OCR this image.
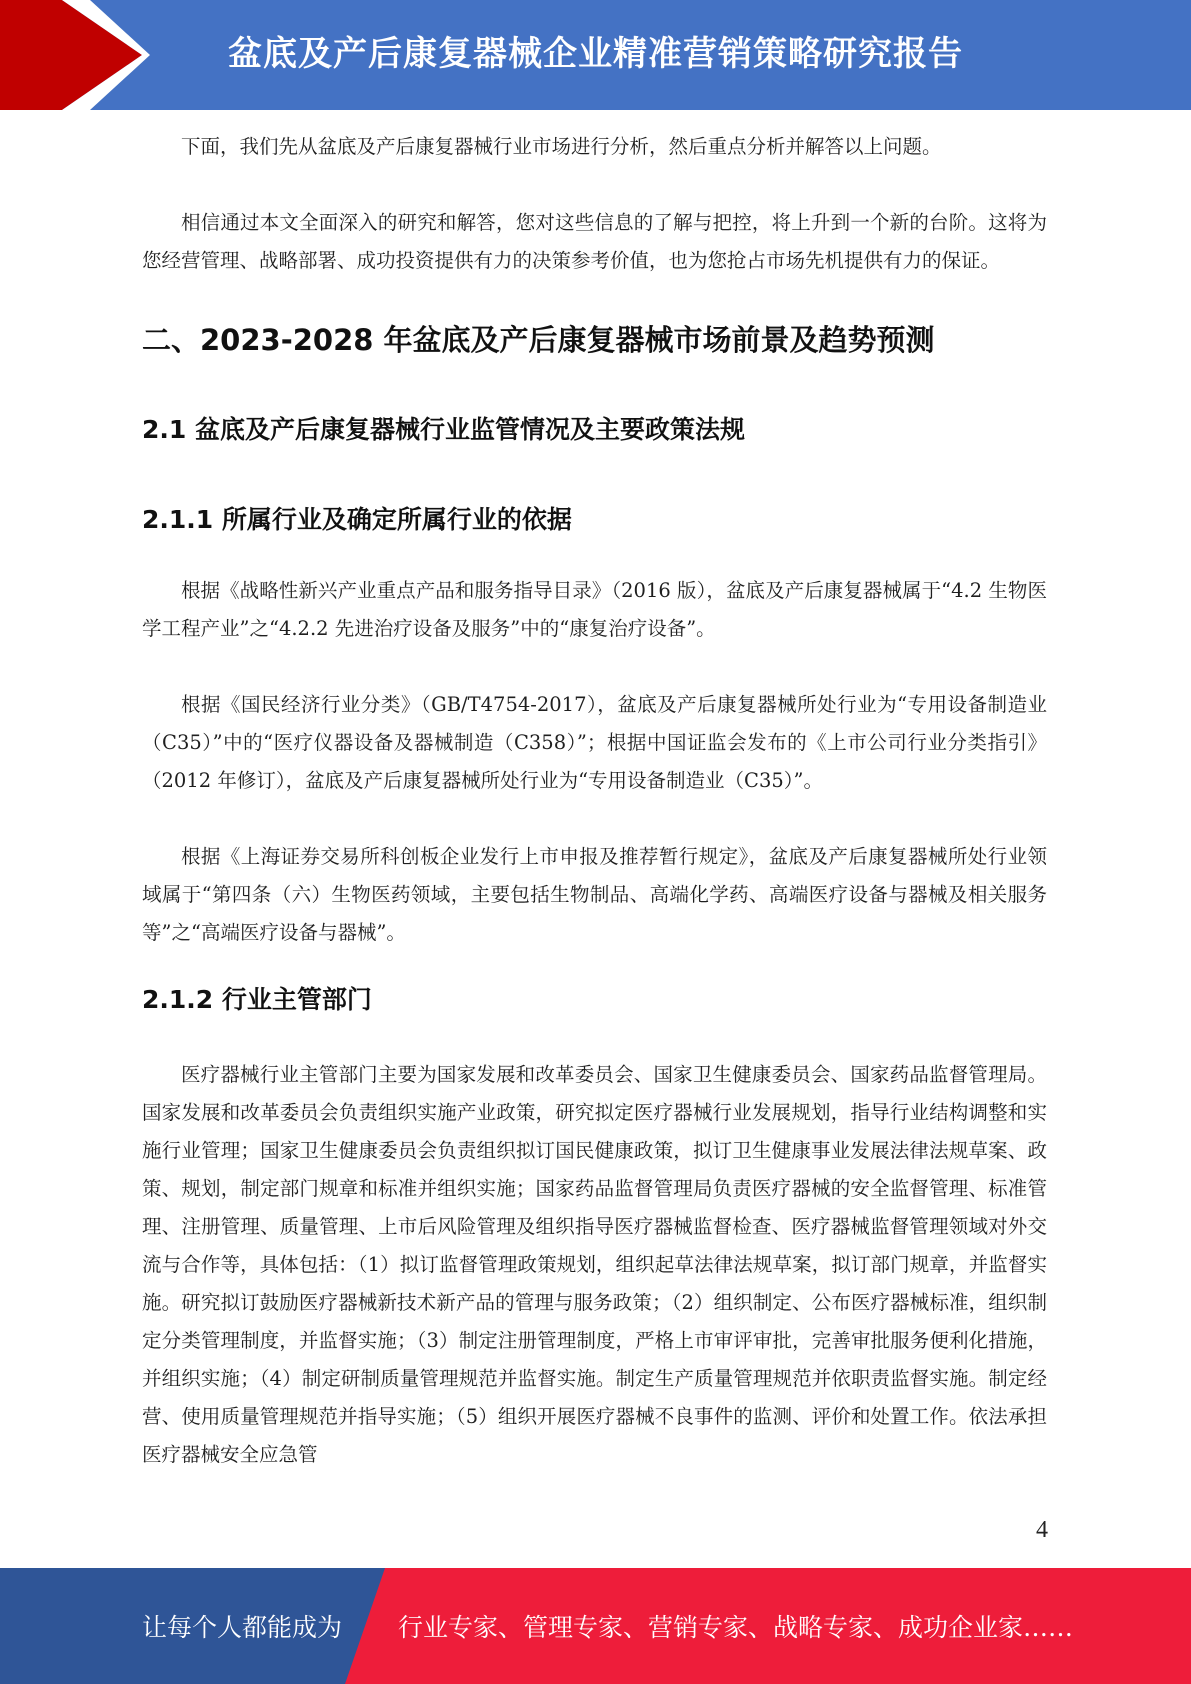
盆底及产后康复器械企业精准营销策略研究报告

下面，我们先从盆底及产后康复器械行业市场进行分析，然后重点分析并解答以上问题。

相信通过本文全面深入的研究和解答，您对这些信息的了解与把控，将上升到一个新的台阶。这将为您经营管理、战略部署、成功投资提供有力的决策参考价值，也为您抢占市场先机提供有力的保证。

二、2023-2028 年盆底及产后康复器械市场前景及趋势预测
2.1 盆底及产后康复器械行业监管情况及主要政策法规
2.1.1 所属行业及确定所属行业的依据

根据《战略性新兴产业重点产品和服务指导目录》（2016 版），盆底及产后康复器械属于“4.2 生物医学工程产业”之“4.2.2 先进治疗设备及服务”中的“康复治疗设备”。

根据《国民经济行业分类》（GB/T4754-2017），盆底及产后康复器械所处行业为“专用设备制造业（C35）”中的“医疗仪器设备及器械制造（C358）”；根据中国证监会发布的《上市公司行业分类指引》（2012 年修订），盆底及产后康复器械所处行业为“专用设备制造业（C35）”。

根据《上海证券交易所科创板企业发行上市申报及推荐暂行规定》，盆底及产后康复器械所处行业领域属于“第四条（六）生物医药领域，主要包括生物制品、高端化学药、高端医疗设备与器械及相关服务等”之“高端医疗设备与器械”。

2.1.2 行业主管部门

医疗器械行业主管部门主要为国家发展和改革委员会、国家卫生健康委员会、国家药品监督管理局。国家发展和改革委员会负责组织实施产业政策，研究拟定医疗器械行业发展规划，指导行业结构调整和实施行业管理；国家卫生健康委员会负责组织拟订国民健康政策，拟订卫生健康事业发展法律法规草案、政策、规划，制定部门规章和标准并组织实施；国家药品监督管理局负责医疗器械的安全监督管理、标准管理、注册管理、质量管理、上市后风险管理及组织指导医疗器械监督检查、医疗器械监督管理领域对外交流与合作等，具体包括：（1）拟订监督管理政策规划，组织起草法律法规草案，拟订部门规章，并监督实施。研究拟订鼓励医疗器械新技术新产品的管理与服务政策；（2）组织制定、公布医疗器械标准，组织制定分类管理制度，并监督实施；（3）制定注册管理制度，严格上市审评审批，完善审批服务便利化措施，并组织实施；（4）制定研制质量管理规范并监督实施。制定生产质量管理规范并依职责监督实施。制定经营、使用质量管理规范并指导实施；（5）组织开展医疗器械不良事件的监测、评价和处置工作。依法承担医疗器械安全应急管

4
让每个人都能成为 行业专家、管理专家、营销专家、战略专家、成功企业家……
